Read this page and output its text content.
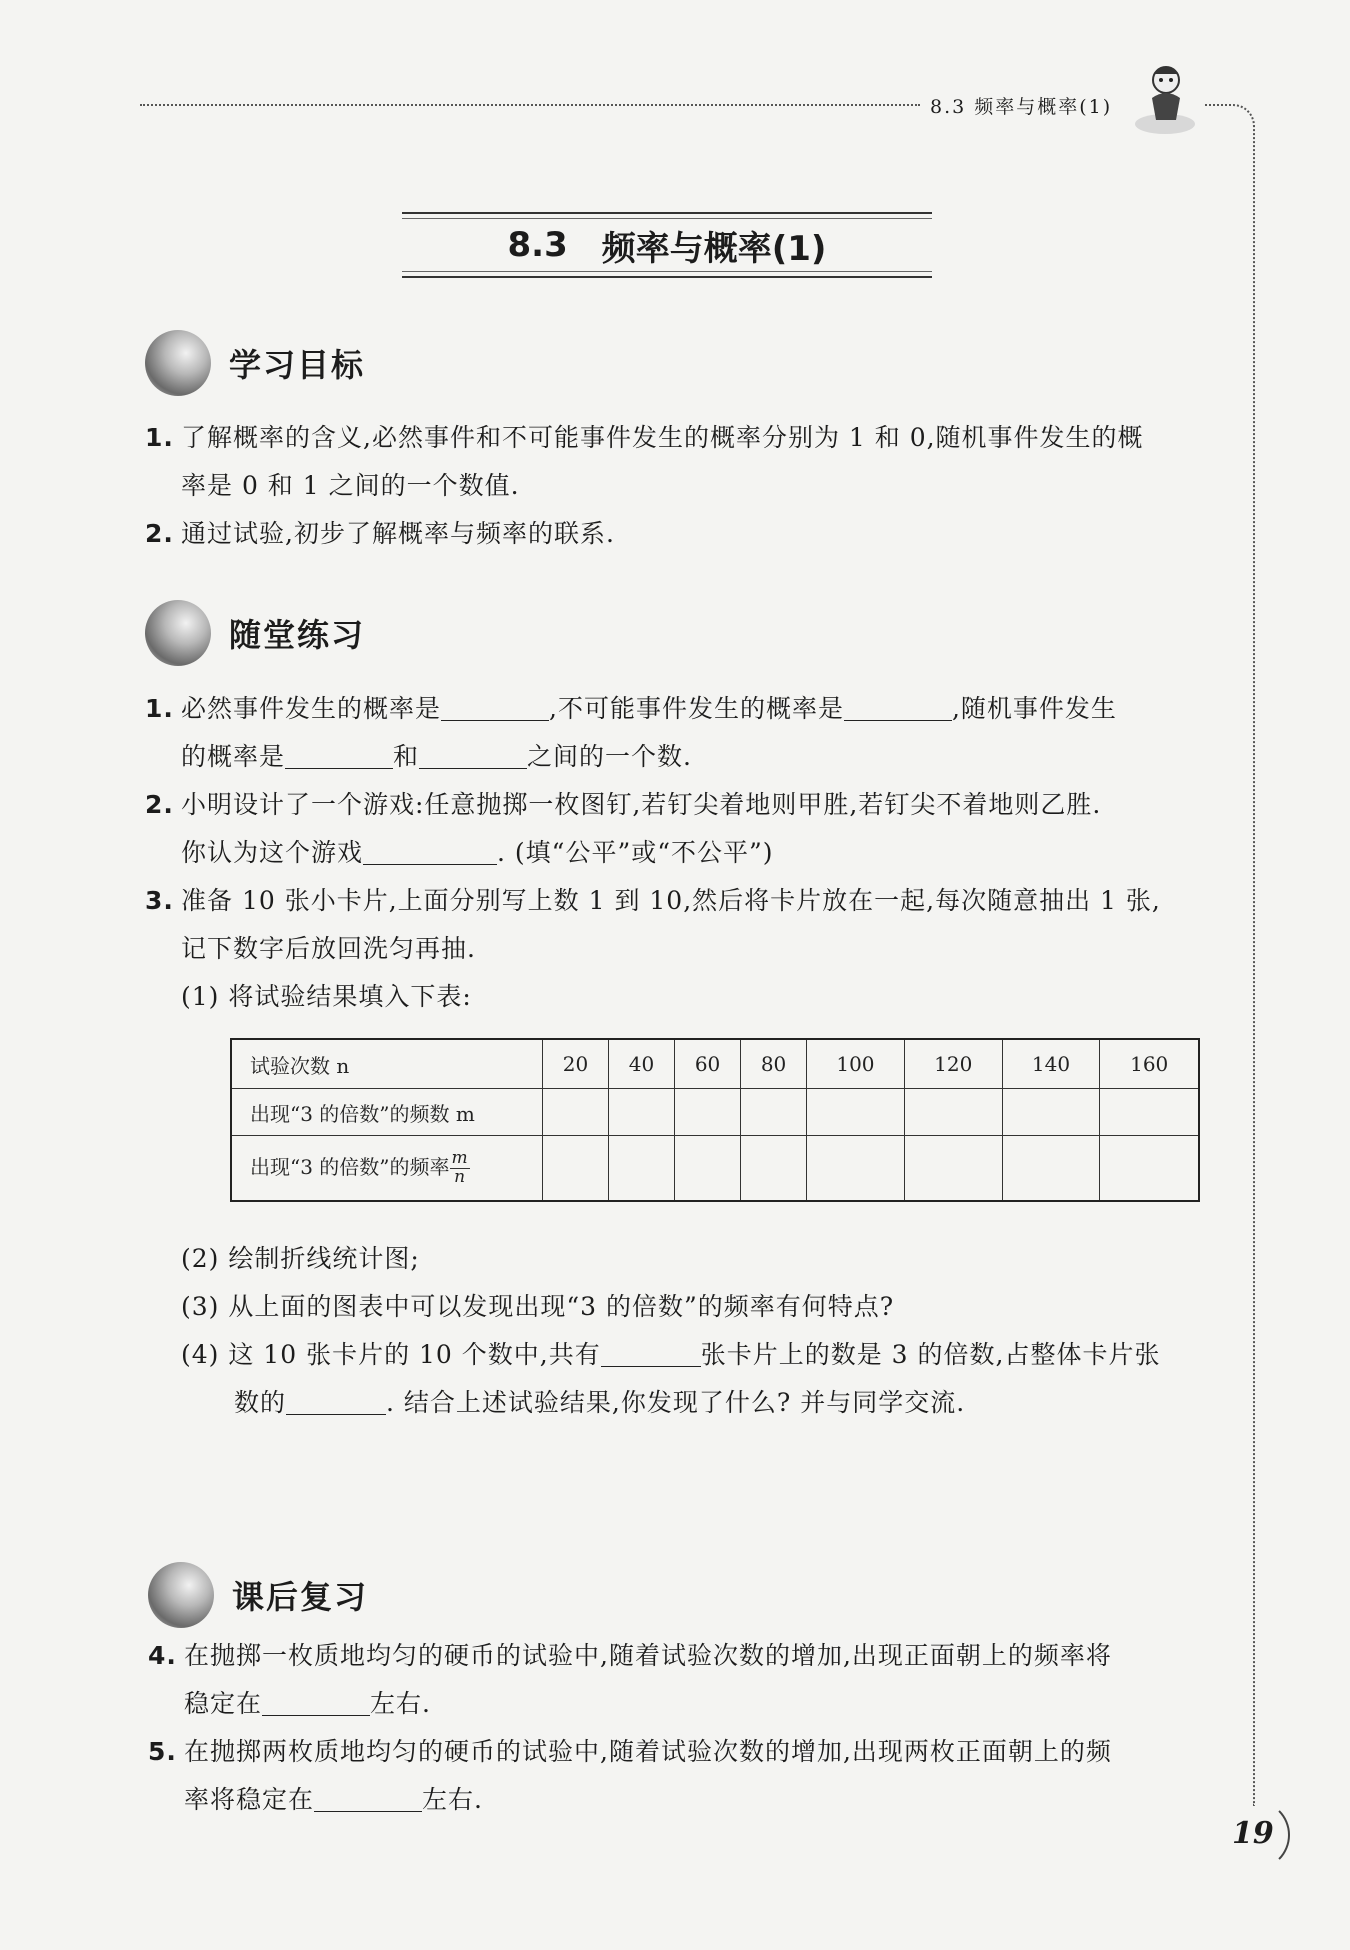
8.3 频率与概率(1)
8.3 频率与概率(1)
学习目标
1. 了解概率的含义,必然事件和不可能事件发生的概率分别为 1 和 0,随机事件发生的概
率是 0 和 1 之间的一个数值.
2. 通过试验,初步了解概率与频率的联系.
随堂练习
1. 必然事件发生的概率是	,不可能事件发生的概率是	,随机事件发生
的概率是	和	之间的一个数.
2. 小明设计了一个游戏:任意抛掷一枚图钉,若钉尖着地则甲胜,若钉尖不着地则乙胜.
你认为这个游戏	. (填“公平”或“不公平”)
3. 准备 10 张小卡片,上面分别写上数 1 到 10,然后将卡片放在一起,每次随意抽出 1 张,
记下数字后放回洗匀再抽.
(1) 将试验结果填入下表:
试验次数 n	20	40	60	80	100	120	140	160
出现“3 的倍数”的频数 m								
出现“3 的倍数”的频率 $\frac{m}{n}$

(2) 绘制折线统计图;
(3) 从上面的图表中可以发现出现“3 的倍数”的频率有何特点?
(4) 这 10 张卡片的 10 个数中,共有	张卡片上的数是 3 的倍数,占整体卡片张
数的	. 结合上述试验结果,你发现了什么? 并与同学交流.
课后复习
4. 在抛掷一枚质地均匀的硬币的试验中,随着试验次数的增加,出现正面朝上的频率将
稳定在	左右.
5. 在抛掷两枚质地均匀的硬币的试验中,随着试验次数的增加,出现两枚正面朝上的频
率将稳定在	左右.
19
